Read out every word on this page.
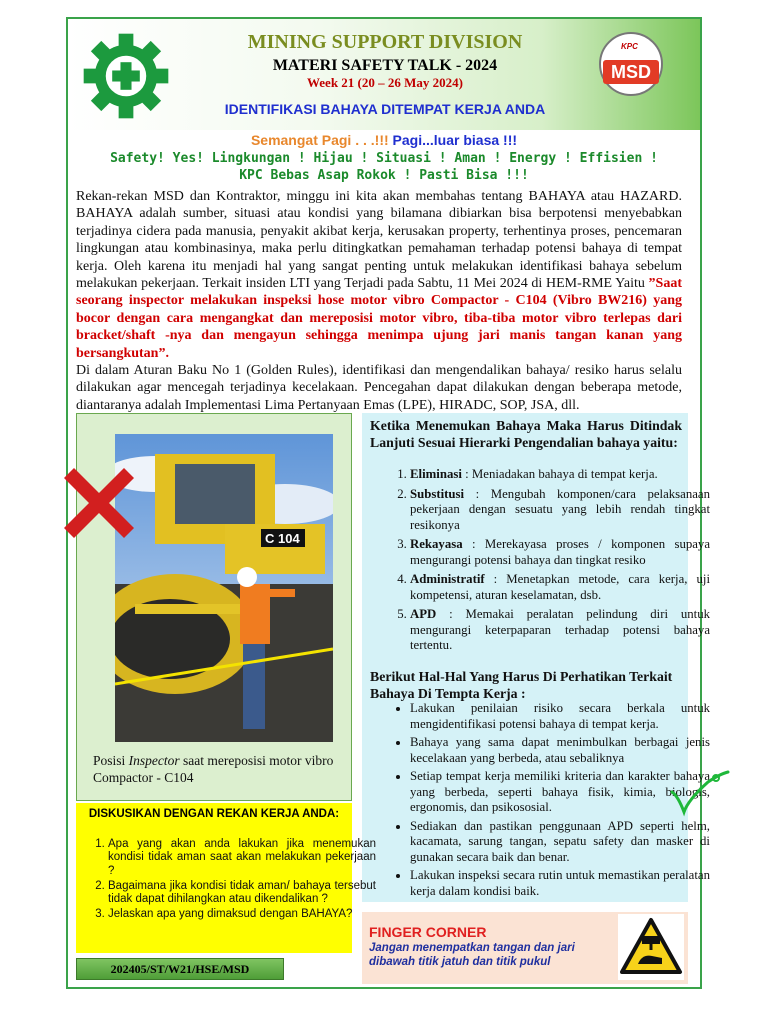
MINING SUPPORT DIVISION
MATERI SAFETY TALK - 2024
Week 21 (20 – 26 May 2024)
IDENTIFIKASI BAHAYA DITEMPAT KERJA ANDA
KPC
MSD
Semangat Pagi . . .!!! Pagi...luar biasa !!!
Safety! Yes! Lingkungan ! Hijau ! Situasi ! Aman ! Energy ! Effisien !
KPC Bebas Asap Rokok ! Pasti Bisa !!!
Rekan-rekan MSD dan Kontraktor, minggu ini kita akan membahas tentang BAHAYA atau HAZARD. BAHAYA adalah sumber, situasi atau kondisi yang bilamana dibiarkan bisa berpotensi menyebabkan terjadinya cidera pada manusia, penyakit akibat kerja, kerusakan property, terhentinya proses, pencemaran lingkungan atau kombinasinya, maka perlu ditingkatkan pemahaman terhadap potensi bahaya di tempat kerja. Oleh karena itu menjadi hal yang sangat penting untuk melakukan identifikasi bahaya sebelum melakukan pekerjaan. Terkait insiden LTI yang Terjadi pada Sabtu, 11 Mei 2024 di HEM-RME Yaitu ”Saat seorang inspector melakukan inspeksi hose motor vibro Compactor - C104 (Vibro BW216) yang bocor dengan cara mengangkat dan mereposisi motor vibro, tiba-tiba motor vibro terlepas dari bracket/shaft -nya dan mengayun sehingga menimpa ujung jari manis tangan kanan yang bersangkutan”.
Di dalam Aturan Baku No 1 (Golden Rules), identifikasi dan mengendalikan bahaya/ resiko harus selalu dilakukan agar mencegah terjadinya kecelakaan. Pencegahan dapat dilakukan dengan beberapa metode, diantaranya adalah Implementasi Lima Pertanyaan Emas (LPE), HIRADC, SOP, JSA, dll.
C 104
Posisi Inspector saat mereposisi motor vibro Compactor - C104
Ketika Menemukan Bahaya Maka Harus Ditindak Lanjuti Sesuai Hierarki Pengendalian bahaya yaitu:
1. Eliminasi : Meniadakan bahaya di tempat kerja.
2. Substitusi : Mengubah komponen/cara pelaksanaan pekerjaan dengan sesuatu yang lebih rendah tingkat resikonya
3. Rekayasa : Merekayasa proses / komponen supaya mengurangi potensi bahaya dan tingkat resiko
4. Administratif : Menetapkan metode, cara kerja, uji kompetensi, aturan keselamatan, dsb.
5. APD : Memakai peralatan pelindung diri untuk mengurangi keterpaparan terhadap potensi bahaya tertentu.
Berikut Hal-Hal Yang Harus Di Perhatikan Terkait Bahaya Di Tempta Kerja :
• Lakukan penilaian risiko secara berkala untuk mengidentifikasi potensi bahaya di tempat kerja.
• Bahaya yang sama dapat menimbulkan berbagai jenis kecelakaan yang berbeda, atau sebaliknya
• Setiap tempat kerja memiliki kriteria dan karakter bahaya yang berbeda, seperti bahaya fisik, kimia, biologis, ergonomis, dan psikososial.
• Sediakan dan pastikan penggunaan APD seperti helm, kacamata, sarung tangan, sepatu safety dan masker di gunakan secara baik dan benar.
• Lakukan inspeksi secara rutin untuk memastikan peralatan kerja dalam kondisi baik.
DISKUSIKAN DENGAN REKAN KERJA ANDA:
1. Apa yang akan anda lakukan jika menemukan kondisi tidak aman saat akan melakukan pekerjaan ?
2. Bagaimana jika kondisi tidak aman/ bahaya tersebut tidak dapat dihilangkan atau dikendalikan ?
3. Jelaskan apa yang dimaksud dengan BAHAYA?
202405/ST/W21/HSE/MSD
FINGER CORNER
Jangan menempatkan tangan dan jari dibawah titik jatuh dan titik pukul
